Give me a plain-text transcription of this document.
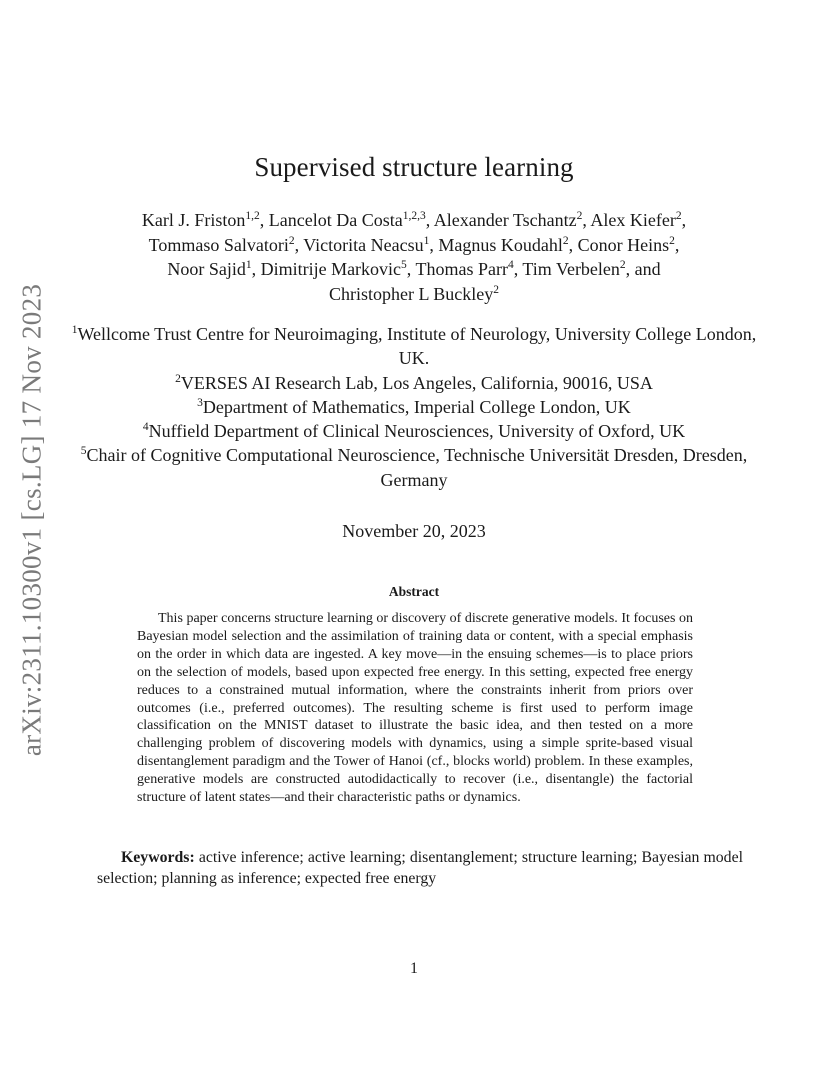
arXiv:2311.10300v1 [cs.LG] 17 Nov 2023
Supervised structure learning
Karl J. Friston$^{1,2}$, Lancelot Da Costa$^{1,2,3}$, Alexander Tschantz$^2$, Alex Kiefer$^2$,
Tommaso Salvatori$^2$, Victorita Neacsu$^1$, Magnus Koudahl$^2$, Conor Heins$^2$,
Noor Sajid$^1$, Dimitrije Markovic$^5$, Thomas Parr$^4$, Tim Verbelen$^2$, and
Christopher L Buckley$^2$
$^1$Wellcome Trust Centre for Neuroimaging, Institute of Neurology, University College London, UK.
$^2$VERSES AI Research Lab, Los Angeles, California, 90016, USA
$^3$Department of Mathematics, Imperial College London, UK
$^4$Nuffield Department of Clinical Neurosciences, University of Oxford, UK
$^5$Chair of Cognitive Computational Neuroscience, Technische Universität Dresden, Dresden, Germany
November 20, 2023
Abstract
This paper concerns structure learning or discovery of discrete generative models. It focuses on Bayesian model selection and the assimilation of training data or content, with a special emphasis on the order in which data are ingested. A key move—in the ensuing schemes—is to place priors on the selection of models, based upon expected free energy. In this setting, expected free energy reduces to a constrained mutual information, where the constraints inherit from priors over outcomes (i.e., preferred outcomes). The resulting scheme is first used to perform image classification on the MNIST dataset to illustrate the basic idea, and then tested on a more challenging problem of discovering models with dynamics, using a simple sprite-based visual disentanglement paradigm and the Tower of Hanoi (cf., blocks world) problem. In these examples, generative models are constructed autodidactically to recover (i.e., disentangle) the factorial structure of latent states—and their characteristic paths or dynamics.
Keywords: active inference; active learning; disentanglement; structure learning; Bayesian model selection; planning as inference; expected free energy
1
